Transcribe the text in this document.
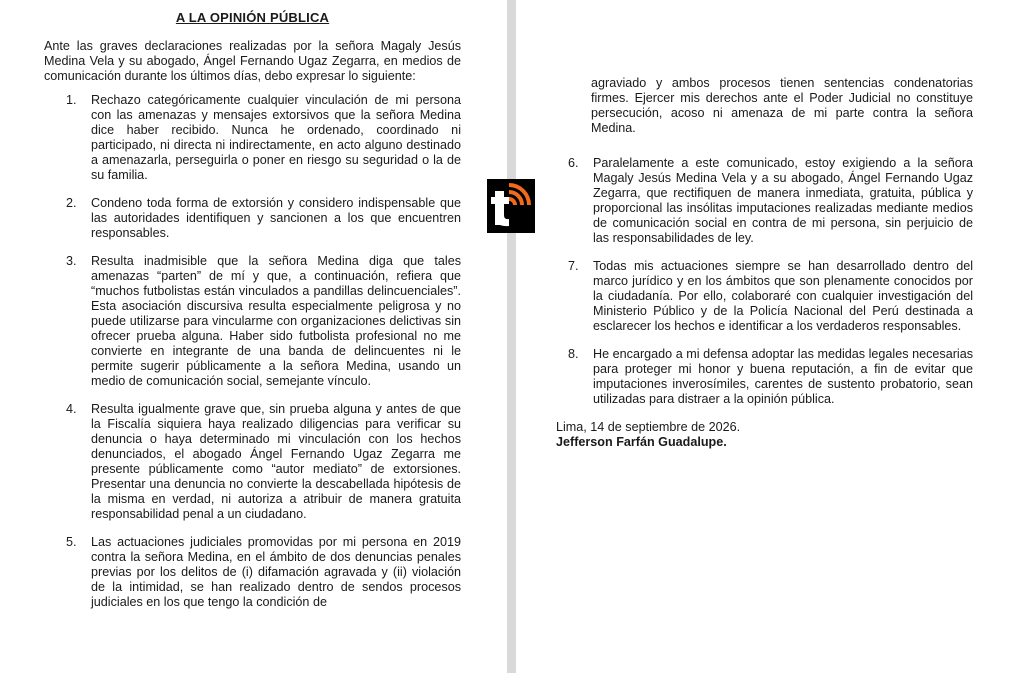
A LA OPINIÓN PÚBLICA
Ante las graves declaraciones realizadas por la señora Magaly Jesús Medina Vela y su abogado, Ángel Fernando Ugaz Zegarra, en medios de comunicación durante los últimos días, debo expresar lo siguiente:
1.	Rechazo categóricamente cualquier vinculación de mi persona con las amenazas y mensajes extorsivos que la señora Medina dice haber recibido. Nunca he ordenado, coordinado ni participado, ni directa ni indirectamente, en acto alguno destinado a amenazarla, perseguirla o poner en riesgo su seguridad o la de su familia.
2.	Condeno toda forma de extorsión y considero indispensable que las autoridades identifiquen y sancionen a los que encuentren responsables.
3.	Resulta inadmisible que la señora Medina diga que tales amenazas “parten” de mí y que, a continuación, refiera que “muchos futbolistas están vinculados a pandillas delincuenciales”. Esta asociación discursiva resulta especialmente peligrosa y no puede utilizarse para vincularme con organizaciones delictivas sin ofrecer prueba alguna. Haber sido futbolista profesional no me convierte en integrante de una banda de delincuentes ni le permite sugerir públicamente a la señora Medina, usando un medio de comunicación social, semejante vínculo.
4.	Resulta igualmente grave que, sin prueba alguna y antes de que la Fiscalía siquiera haya realizado diligencias para verificar su denuncia o haya determinado mi vinculación con los hechos denunciados, el abogado Ángel Fernando Ugaz Zegarra me presente públicamente como “autor mediato” de extorsiones. Presentar una denuncia no convierte la descabellada hipótesis de la misma en verdad, ni autoriza a atribuir de manera gratuita responsabilidad penal a un ciudadano.
5.	Las actuaciones judiciales promovidas por mi persona en 2019 contra la señora Medina, en el ámbito de dos denuncias penales previas por los delitos de (i) difamación agravada y (ii) violación de la intimidad, se han realizado dentro de sendos procesos judiciales en los que tengo la condición de
agraviado y ambos procesos tienen sentencias condenatorias firmes. Ejercer mis derechos ante el Poder Judicial no constituye persecución, acoso ni amenaza de mi parte contra la señora Medina.
6.	Paralelamente a este comunicado, estoy exigiendo a la señora Magaly Jesús Medina Vela y a su abogado, Ángel Fernando Ugaz Zegarra, que rectifiquen de manera inmediata, gratuita, pública y proporcional las insólitas imputaciones realizadas mediante medios de comunicación social en contra de mi persona, sin perjuicio de las responsabilidades de ley.
7.	Todas mis actuaciones siempre se han desarrollado dentro del marco jurídico y en los ámbitos que son plenamente conocidos por la ciudadanía. Por ello, colaboraré con cualquier investigación del Ministerio Público y de la Policía Nacional del Perú destinada a esclarecer los hechos e identificar a los verdaderos responsables.
8.	He encargado a mi defensa adoptar las medidas legales necesarias para proteger mi honor y buena reputación, a fin de evitar que imputaciones inverosímiles, carentes de sustento probatorio, sean utilizadas para distraer a la opinión pública.
Lima, 14 de septiembre de 2026.
Jefferson Farfán Guadalupe.
